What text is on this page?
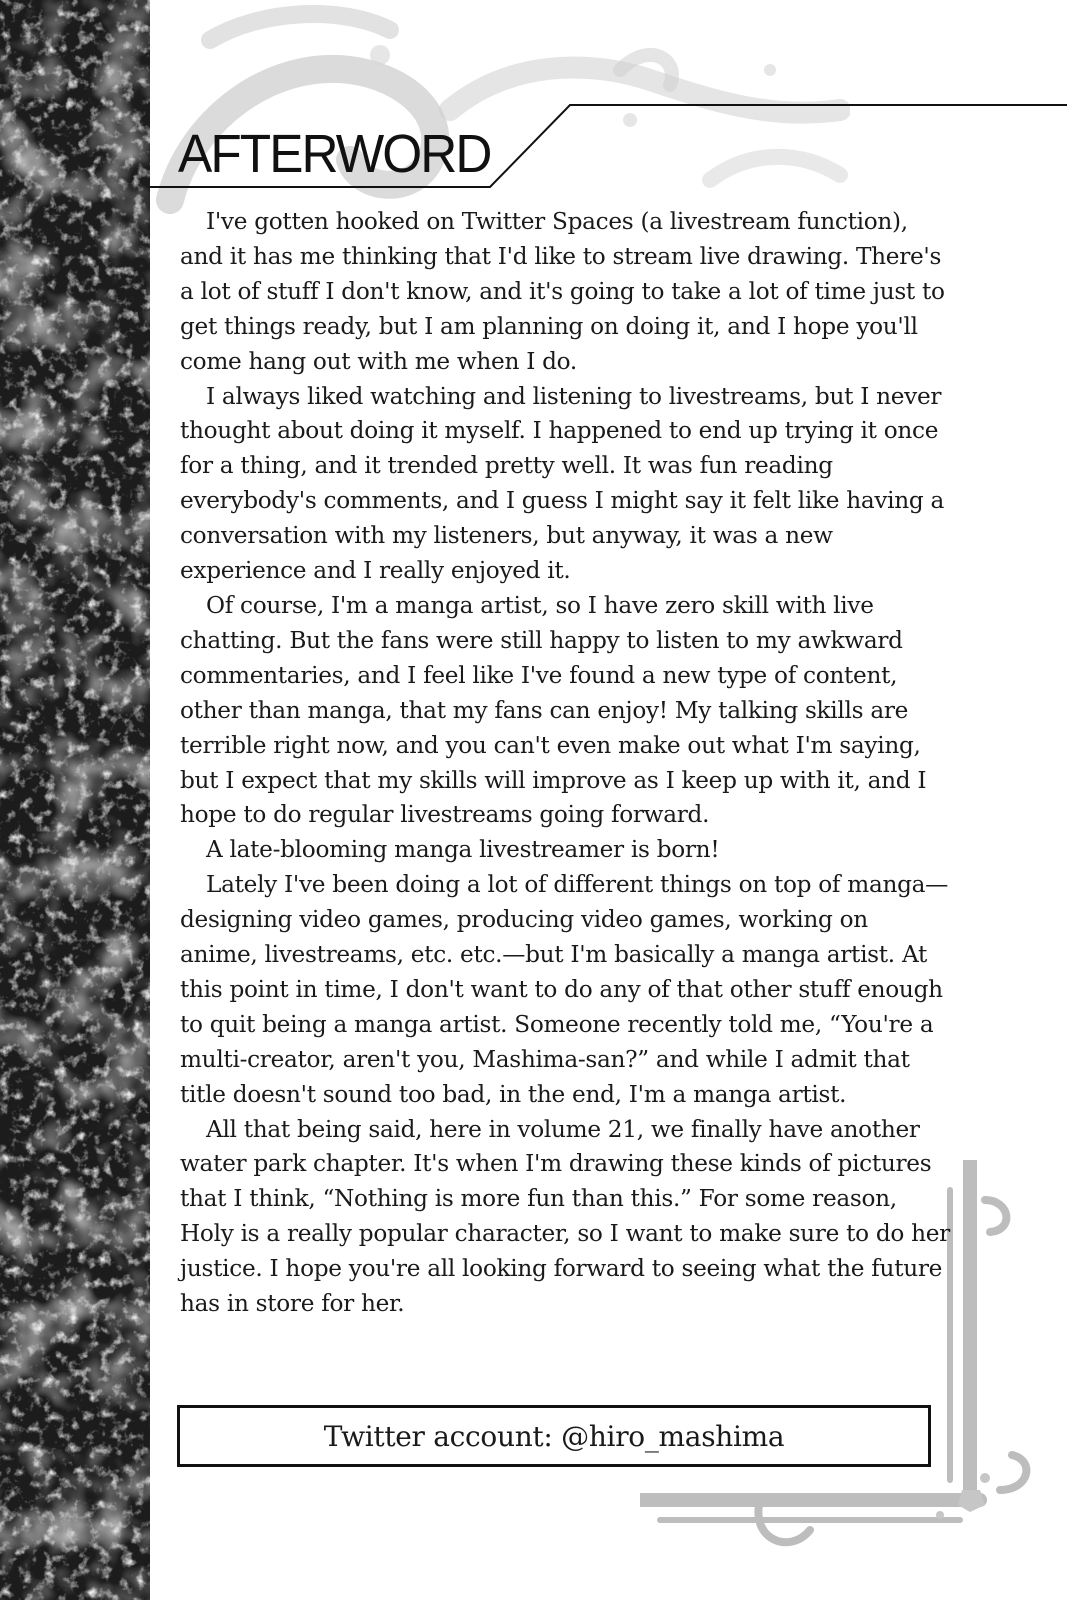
AFTERWORD

I've gotten hooked on Twitter Spaces (a livestream function), and it has me thinking that I'd like to stream live drawing. There's a lot of stuff I don't know, and it's going to take a lot of time just to get things ready, but I am planning on doing it, and I hope you'll come hang out with me when I do.

I always liked watching and listening to livestreams, but I never thought about doing it myself. I happened to end up trying it once for a thing, and it trended pretty well. It was fun reading everybody's comments, and I guess I might say it felt like having a conversation with my listeners, but anyway, it was a new experience and I really enjoyed it.

Of course, I'm a manga artist, so I have zero skill with live chatting. But the fans were still happy to listen to my awkward commentaries, and I feel like I've found a new type of content, other than manga, that my fans can enjoy! My talking skills are terrible right now, and you can't even make out what I'm saying, but I expect that my skills will improve as I keep up with it, and I hope to do regular livestreams going forward.

A late-blooming manga livestreamer is born!

Lately I've been doing a lot of different things on top of manga—designing video games, producing video games, working on anime, livestreams, etc. etc.—but I'm basically a manga artist. At this point in time, I don't want to do any of that other stuff enough to quit being a manga artist. Someone recently told me, “You're a multi-creator, aren't you, Mashima-san?” and while I admit that title doesn't sound too bad, in the end, I'm a manga artist.

All that being said, here in volume 21, we finally have another water park chapter. It's when I'm drawing these kinds of pictures that I think, “Nothing is more fun than this.” For some reason, Holy is a really popular character, so I want to make sure to do her justice. I hope you're all looking forward to seeing what the future has in store for her.

Twitter account: @hiro_mashima
